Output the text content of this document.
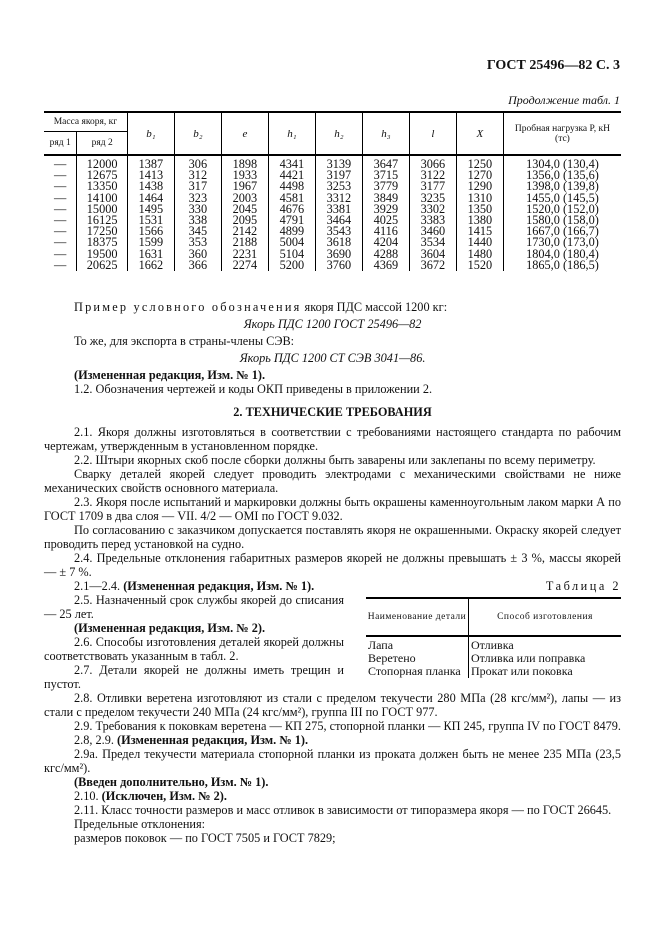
ГОСТ 25496—82 С. 3
Продолжение табл. 1
Масса якоря, кг		b₁	b₂	e	h₁	h₂	h₃	l	X	Пробная нагрузка P, кН (тс)
ряд 1	ряд 2									
—	12000	1387	306	1898	4341	3139	3647	3066	1250	1304,0 (130,4)
—	12675	1413	312	1933	4421	3197	3715	3122	1270	1356,0 (135,6)
—	13350	1438	317	1967	4498	3253	3779	3177	1290	1398,0 (139,8)
—	14100	1464	323	2003	4581	3312	3849	3235	1310	1455,0 (145,5)
—	15000	1495	330	2045	4676	3381	3929	3302	1350	1520,0 (152,0)
—	16125	1531	338	2095	4791	3464	4025	3383	1380	1580,0 (158,0)
—	17250	1566	345	2142	4899	3543	4116	3460	1415	1667,0 (166,7)
—	18375	1599	353	2188	5004	3618	4204	3534	1440	1730,0 (173,0)
—	19500	1631	360	2231	5104	3690	4288	3604	1480	1804,0 (180,4)
—	20625	1662	366	2274	5200	3760	4369	3672	1520	1865,0 (186,5)

Пример условного обозначения якоря ПДС массой 1200 кг:

Якорь ПДС 1200 ГОСТ 25496—82

То же, для экспорта в страны-члены СЭВ:

Якорь ПДС 1200 СТ СЭВ 3041—86.

(Измененная редакция, Изм. № 1).

1.2. Обозначения чертежей и коды ОКП приведены в приложении 2.

2. ТЕХНИЧЕСКИЕ ТРЕБОВАНИЯ

2.1. Якоря должны изготовляться в соответствии с требованиями настоящего стандарта по рабочим чертежам, утвержденным в установленном порядке.

2.2. Штыри якорных скоб после сборки должны быть заварены или заклепаны по всему периметру.

Сварку деталей якорей следует проводить электродами с механическими свойствами не ниже механических свойств основного материала.

2.3. Якоря после испытаний и маркировки должны быть окрашены каменноугольным лаком марки А по ГОСТ 1709 в два слоя — VII. 4/2 — ОМI по ГОСТ 9.032.

По согласованию с заказчиком допускается поставлять якоря не окрашенными. Окраску якорей следует проводить перед установкой на судно.

2.4. Предельные отклонения габаритных размеров якорей не должны превышать ± 3 %, массы якорей — ± 7 %.

Таблица 2
Наименование детали	Способ изготовления
Лапа	Отливка
Веретено	Отливка или поправка
Стопорная планка	Прокат или поковка

2.1—2.4. (Измененная редакция, Изм. № 1).

2.5. Назначенный срок службы якорей до списания — 25 лет.

(Измененная редакция, Изм. № 2).

2.6. Способы изготовления деталей якорей должны соответствовать указанным в табл. 2.

2.7. Детали якорей не должны иметь трещин и пустот.

2.8. Отливки веретена изготовляют из стали с пределом текучести 280 МПа (28 кгс/мм²), лапы — из стали с пределом текучести 240 МПа (24 кгс/мм²), группа III по ГОСТ 977.

2.9. Требования к поковкам веретена — КП 275, стопорной планки — КП 245, группа IV по ГОСТ 8479.

2.8, 2.9. (Измененная редакция, Изм. № 1).

2.9а. Предел текучести материала стопорной планки из проката должен быть не менее 235 МПа (23,5 кгс/мм²).

(Введен дополнительно, Изм. № 1).

2.10. (Исключен, Изм. № 2).

2.11. Класс точности размеров и масс отливок в зависимости от типоразмера якоря — по ГОСТ 26645.

Предельные отклонения:

размеров поковок — по ГОСТ 7505 и ГОСТ 7829;
